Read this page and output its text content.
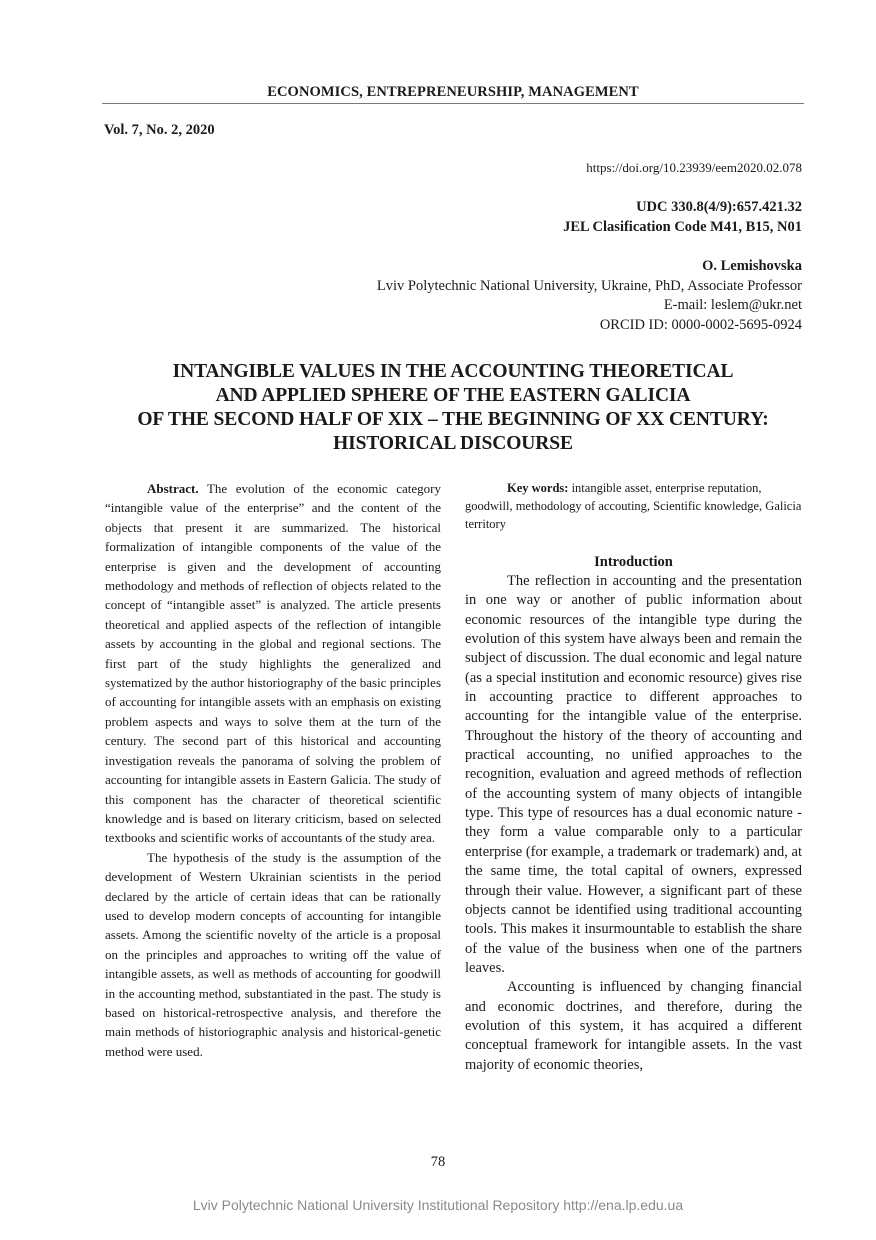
ECONOMICS, ENTREPRENEURSHIP, MANAGEMENT
Vol. 7, No. 2, 2020
https://doi.org/10.23939/eem2020.02.078
UDC 330.8(4/9):657.421.32
JEL Clasification Code M41, B15, N01
O. Lemishovska
Lviv Polytechnic National University, Ukraine, PhD, Associate Professor
E-mail: leslem@ukr.net
ORCID ID: 0000-0002-5695-0924
INTANGIBLE VALUES IN THE ACCOUNTING THEORETICAL
AND APPLIED SPHERE OF THE EASTERN GALICIA
OF THE SECOND HALF OF XIX – THE BEGINNING OF XX CENTURY:
HISTORICAL DISCOURSE

Abstract. The evolution of the economic category “intangible value of the enterprise” and the content of the objects that present it are summarized. The historical formalization of intangible components of the value of the enterprise is given and the development of accounting methodology and methods of reflection of objects related to the concept of “intangible asset” is analyzed. The article presents theoretical and applied aspects of the reflection of intangible assets by accounting in the global and regional sections. The first part of the study highlights the generalized and systematized by the author historiography of the basic principles of accounting for intangible assets with an emphasis on existing problem aspects and ways to solve them at the turn of the century. The second part of this historical and accounting investigation reveals the panorama of solving the problem of accounting for intangible assets in Eastern Galicia. The study of this component has the character of theoretical scientific knowledge and is based on literary criticism, based on selected textbooks and scientific works of accountants of the study area.

The hypothesis of the study is the assumption of the development of Western Ukrainian scientists in the period declared by the article of certain ideas that can be rationally used to develop modern concepts of accounting for intangible assets. Among the scientific novelty of the article is a proposal on the principles and approaches to writing off the value of intangible assets, as well as methods of accounting for goodwill in the accounting method, substantiated in the past. The study is based on historical-retrospective analysis, and therefore the main methods of historiographic analysis and historical-genetic method were used.

Key words: intangible asset, enterprise reputation, goodwill, methodology of accouting, Scientific knowledge, Galicia territory

Introduction

The reflection in accounting and the presentation in one way or another of public information about economic resources of the intangible type during the evolution of this system have always been and remain the subject of discussion. The dual economic and legal nature (as a special institution and economic resource) gives rise in accounting practice to different approaches to accounting for the intangible value of the enterprise. Throughout the history of the theory of accounting and practical accounting, no unified approaches to the recognition, evaluation and agreed methods of reflection of the accounting system of many objects of intangible type. This type of resources has a dual economic nature - they form a value comparable only to a particular enterprise (for example, a trademark or trademark) and, at the same time, the total capital of owners, expressed through their value. However, a significant part of these objects cannot be identified using traditional accounting tools. This makes it insurmountable to establish the share of the value of the business when one of the partners leaves.

Accounting is influenced by changing financial and economic doctrines, and therefore, during the evolution of this system, it has acquired a different conceptual framework for intangible assets. In the vast majority of economic theories,

78
Lviv Polytechnic National University Institutional Repository http://ena.lp.edu.ua
